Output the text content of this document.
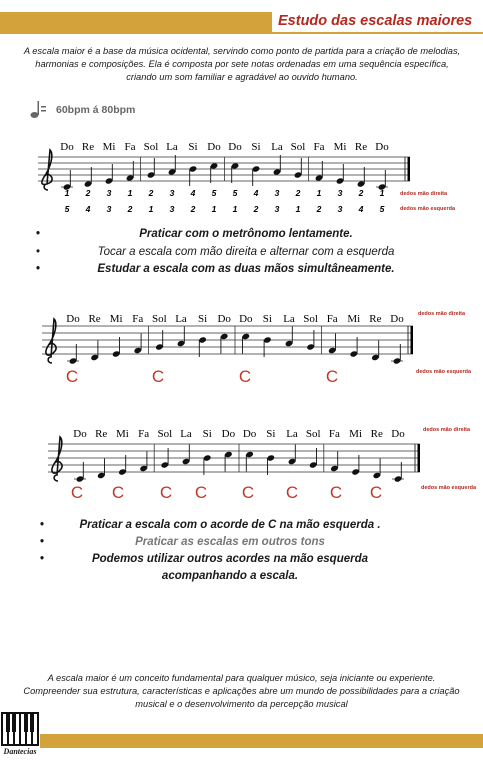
Estudo das escalas maiores
A escala maior é a base da música ocidental, servindo como ponto de partida para a criação de melodias, harmonias e composições. Ela é composta por sete notas ordenadas em uma sequência específica, criando um som familiar e agradável ao ouvido humano.
60bpm á 80bpm
Do Re Mi Fa Sol La Si Do Do Si La Sol Fa Mi Re Do
1 2 3 1 2 3 4 5 5 4 3 2 1 3 2 1
5 4 3 2 1 3 2 1 1 2 3 1 2 3 4 5
dedos mão direita
dedos mão esquerda
•	Praticar com o metrônomo lentamente.
•	Tocar a escala com mão direita e alternar com a esquerda
•	Estudar a escala com as duas mãos simultâneamente.
Do Re Mi Fa Sol La Si Do Do Si La Sol Fa Mi Re Do
C	C	C	C
dedos mão direita
dedos mão esquerda
Do Re Mi Fa Sol La Si Do Do Si La Sol Fa Mi Re Do
C C C C C C C C
dedos mão direita
dedos mão esquerda
•	Praticar a escala com o acorde de C na mão esquerda .
•	Praticar as escalas em outros tons
•	Podemos utilizar outros acordes na mão esquerda
acompanhando a escala.
A escala maior é um conceito fundamental para qualquer músico, seja iniciante ou experiente. Compreender sua estrutura, características e aplicações abre um mundo de possibilidades para a criação musical e o desenvolvimento da percepção musical
Dantecias
